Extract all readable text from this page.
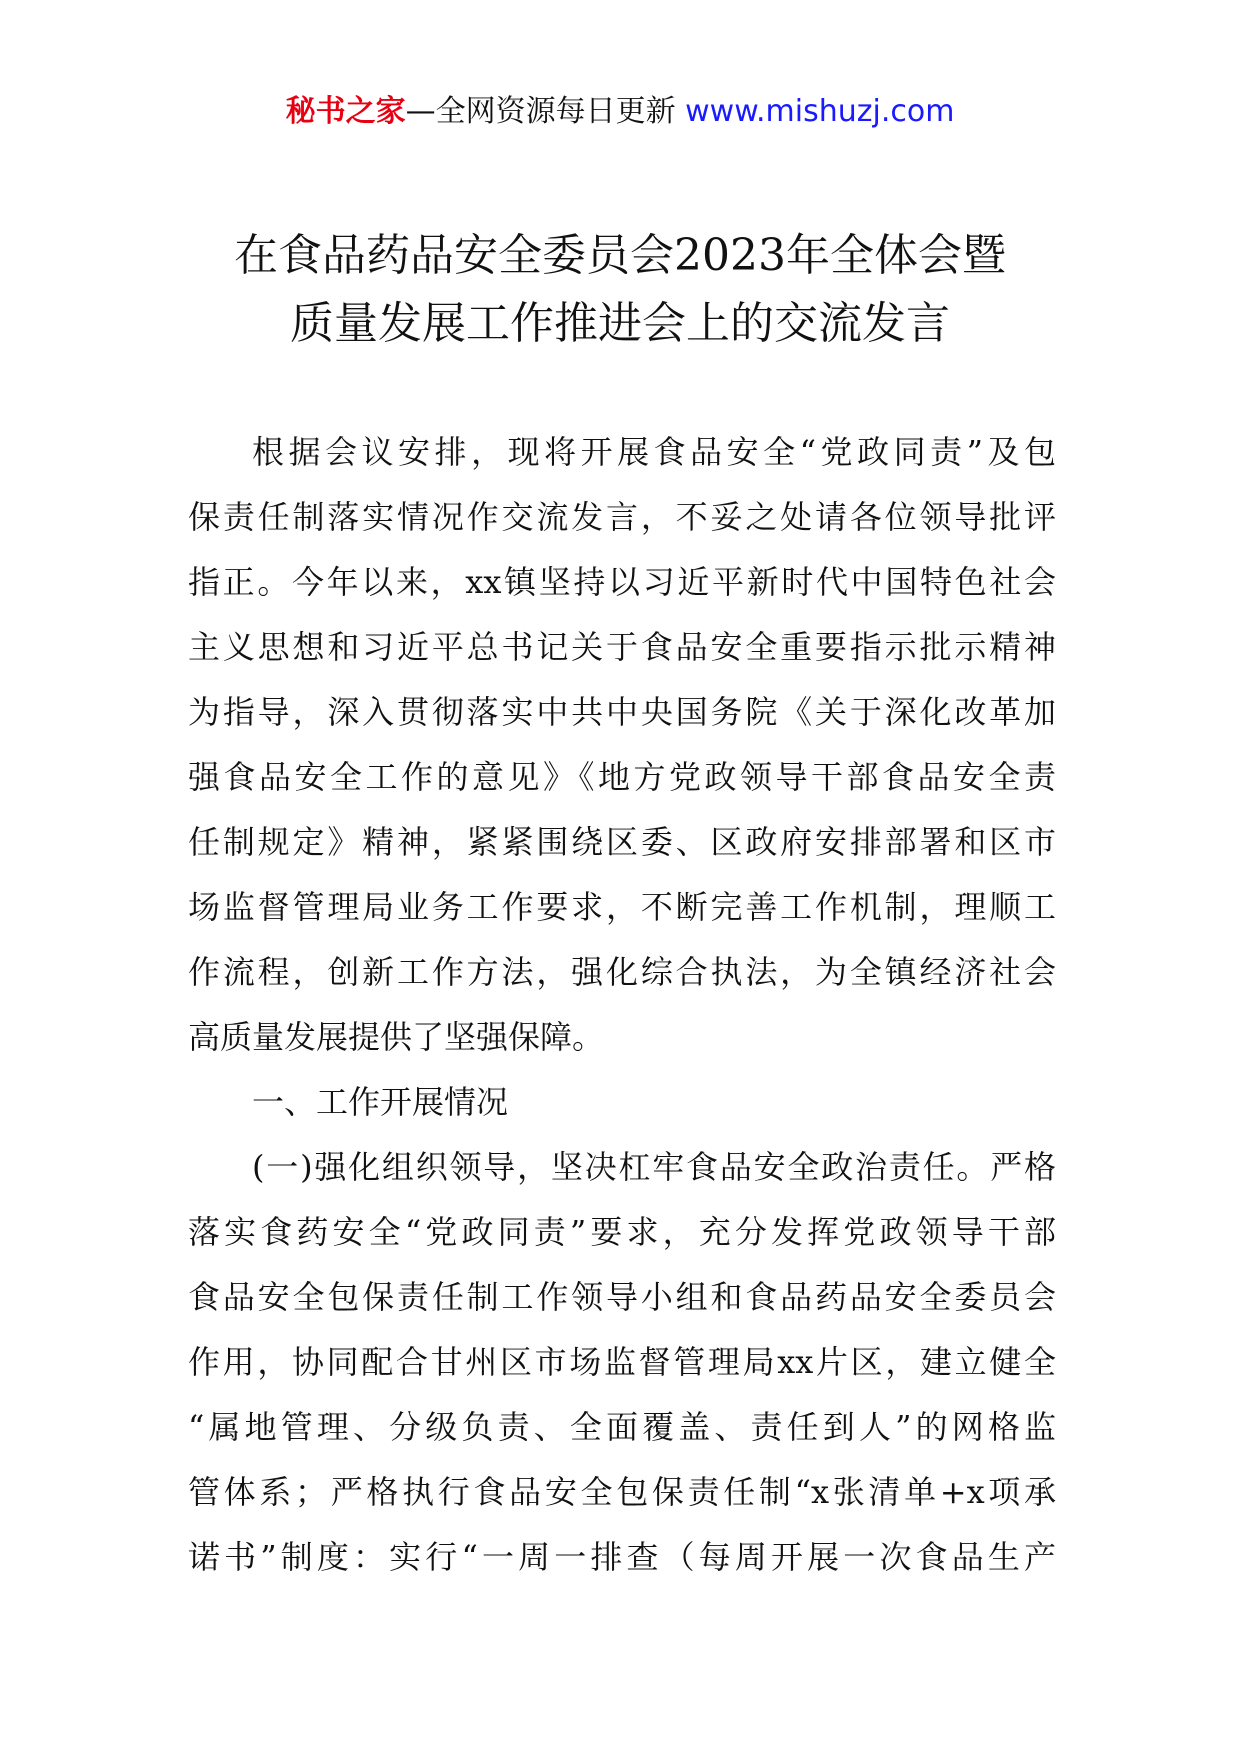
秘书之家—全网资源每日更新 www.mishuzj.com
在食品药品安全委员会2023年全体会暨
质量发展工作推进会上的交流发言
根据会议安排，现将开展食品安全“党政同责”及包
保责任制落实情况作交流发言，不妥之处请各位领导批评
指正。今年以来，xx镇坚持以习近平新时代中国特色社会
主义思想和习近平总书记关于食品安全重要指示批示精神
为指导，深入贯彻落实中共中央国务院《关于深化改革加
强食品安全工作的意见》《地方党政领导干部食品安全责
任制规定》精神，紧紧围绕区委、区政府安排部署和区市
场监督管理局业务工作要求，不断完善工作机制，理顺工
作流程，创新工作方法，强化综合执法，为全镇经济社会
高质量发展提供了坚强保障。
一、工作开展情况
(一)强化组织领导，坚决杠牢食品安全政治责任。严格
落实食药安全“党政同责”要求，充分发挥党政领导干部
食品安全包保责任制工作领导小组和食品药品安全委员会
作用，协同配合甘州区市场监督管理局xx片区，建立健全
“属地管理、分级负责、全面覆盖、责任到人”的网格监
管体系；严格执行食品安全包保责任制“x张清单+x项承
诺书”制度：实行“一周一排查（每周开展一次食品生产
